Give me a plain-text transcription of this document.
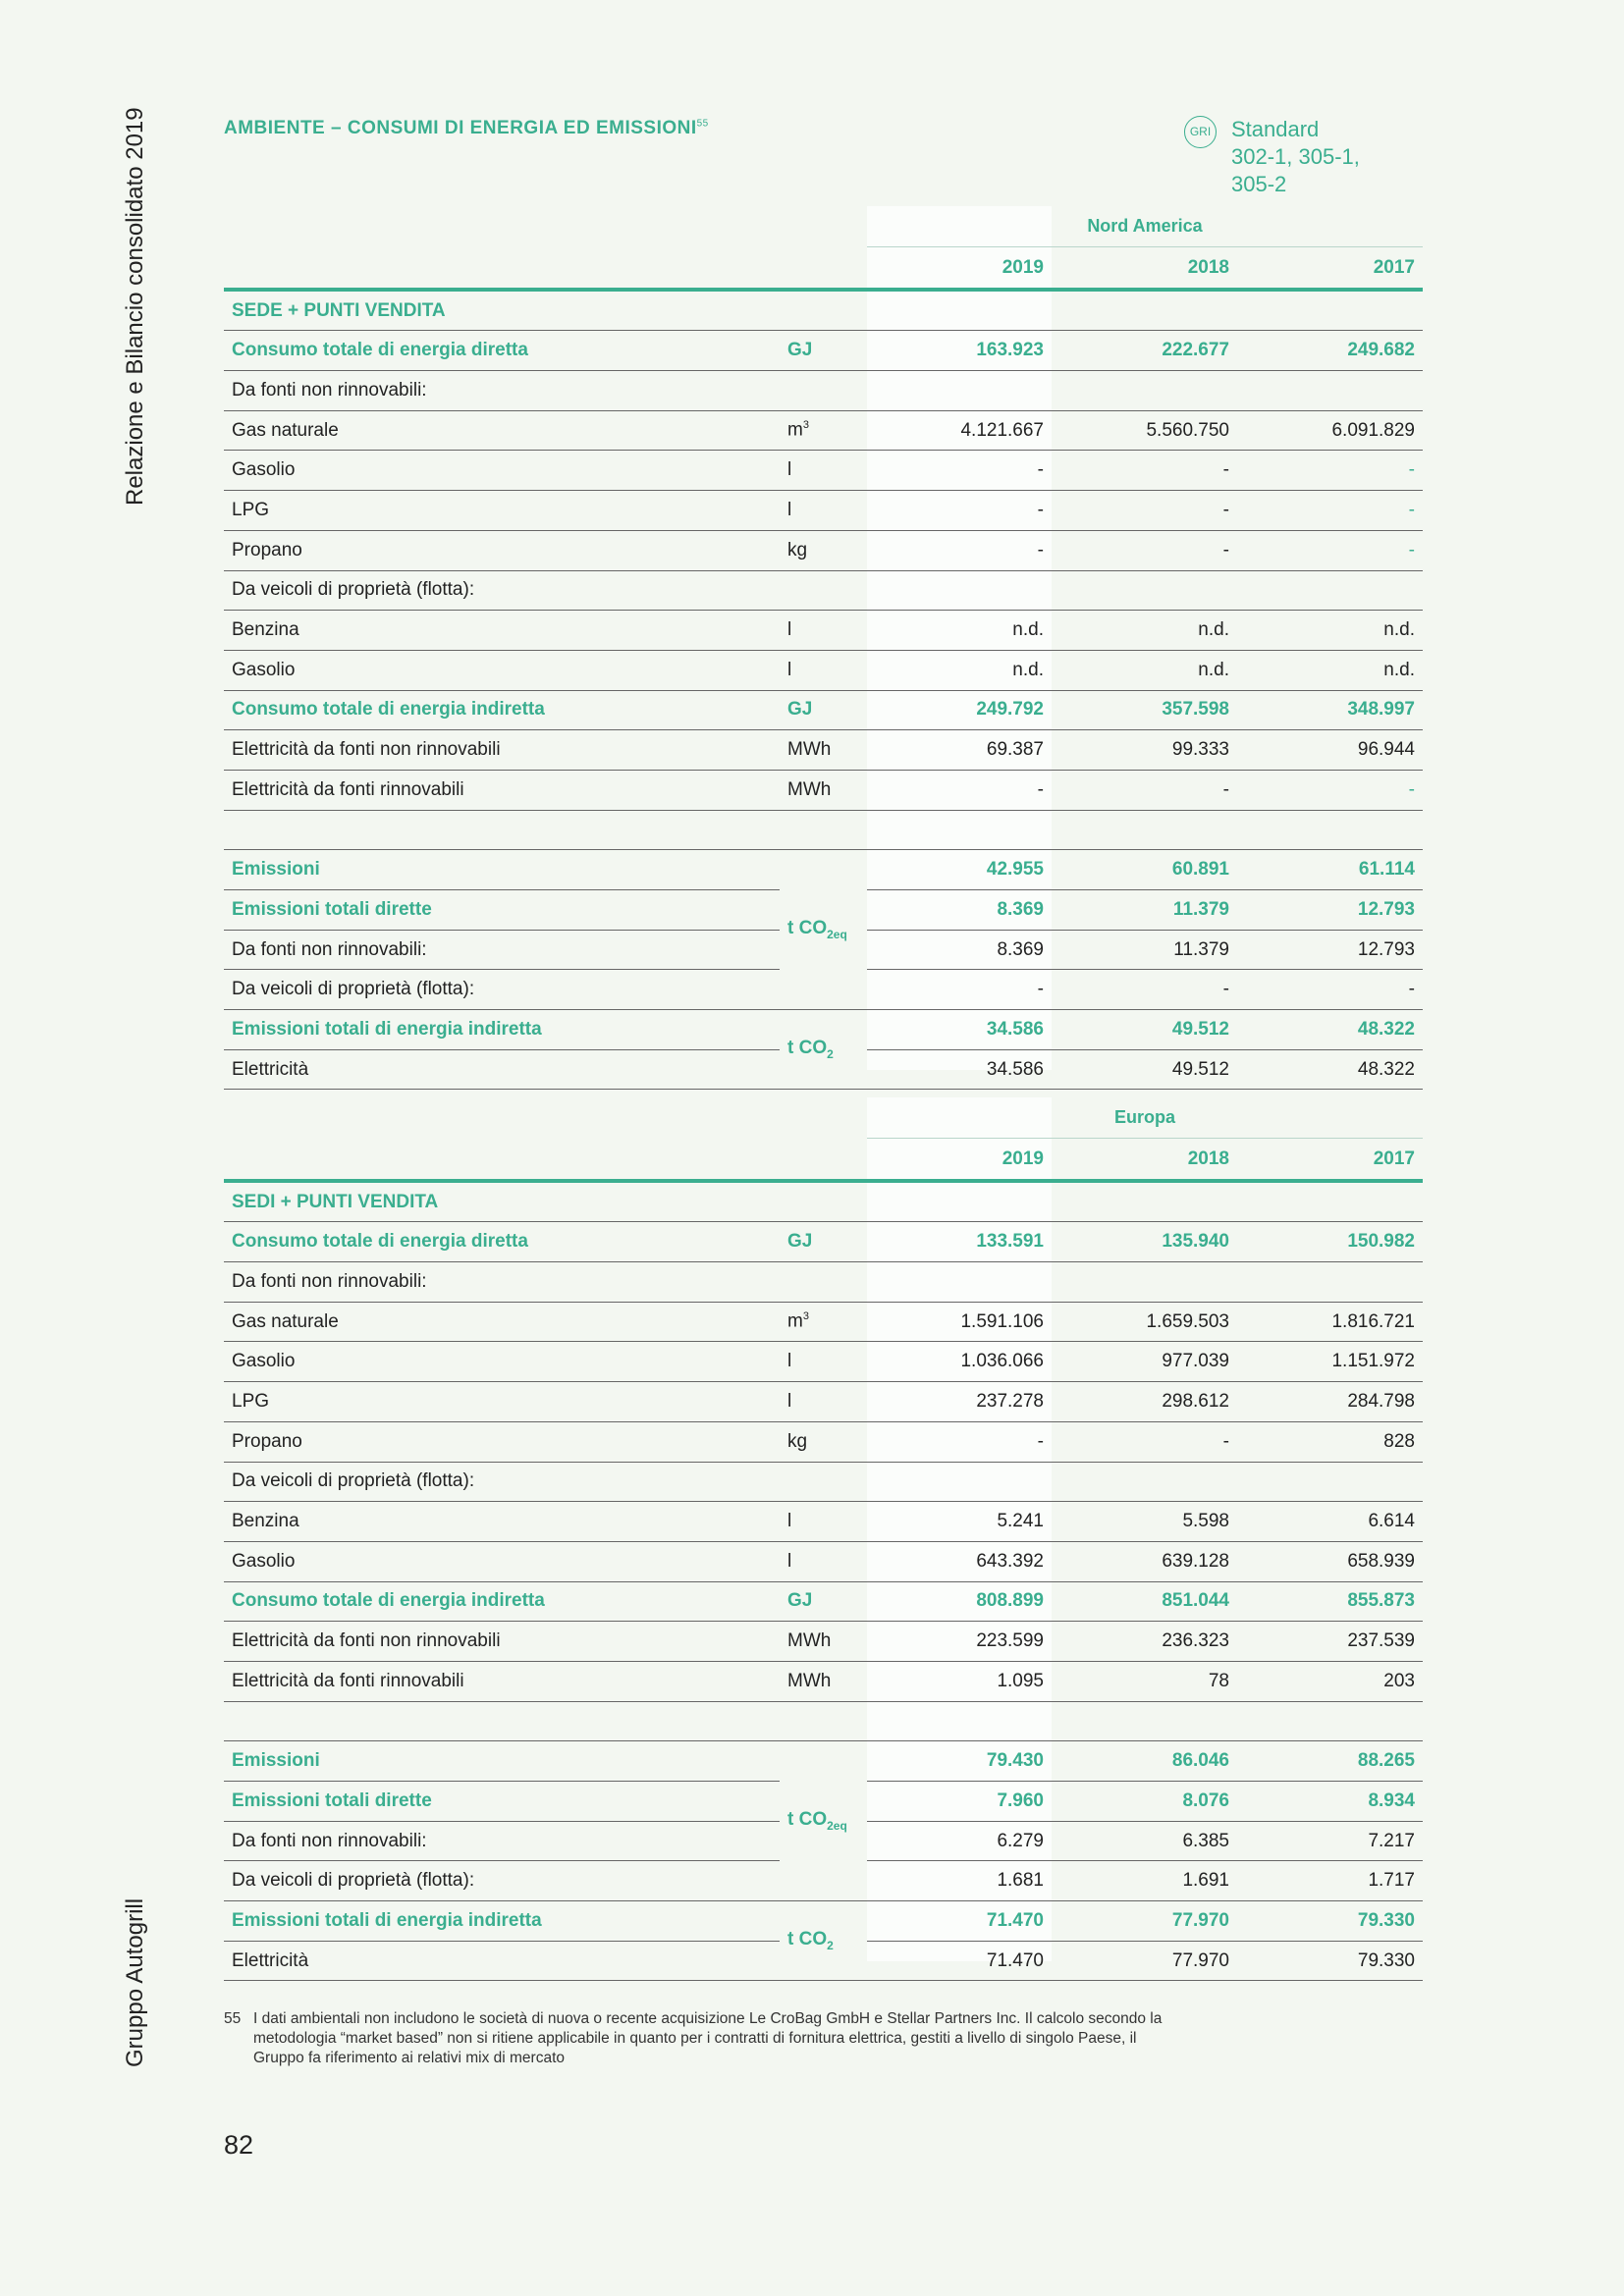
Relazione e Bilancio consolidato 2019
Gruppo Autogrill
AMBIENTE – CONSUMI DI ENERGIA ED EMISSIONI$^{55}$
GRI Standard
302-1, 305-1,
305-2
Nord America
		2019	2018	2017
SEDE + PUNTI VENDITA				
Consumo totale di energia diretta	GJ	163.923	222.677	249.682
Da fonti non rinnovabili:				
Gas naturale	$m^3$	4.121.667	5.560.750	6.091.829
Gasolio	l	-	-	-
LPG	l	-	-	-
Propano	kg	-	-	-
Da veicoli di proprietà (flotta):				
Benzina	l	n.d.	n.d.	n.d.
Gasolio	l	n.d.	n.d.	n.d.
Consumo totale di energia indiretta	GJ	249.792	357.598	348.997
Elettricità da fonti non rinnovabili	MWh	69.387	99.333	96.944
Elettricità da fonti rinnovabili	MWh	-	-	-

Emissioni	t $CO_{2eq}$	42.955	60.891	61.114
Emissioni totali dirette		8.369	11.379	12.793
Da fonti non rinnovabili:		8.369	11.379	12.793
Da veicoli di proprietà (flotta):		-	-	-
Emissioni totali di energia indiretta	t $CO_2$	34.586	49.512	48.322
Elettricità		34.586	49.512	48.322
Europa
		2019	2018	2017
SEDI + PUNTI VENDITA				
Consumo totale di energia diretta	GJ	133.591	135.940	150.982
Da fonti non rinnovabili:				
Gas naturale	$m^3$	1.591.106	1.659.503	1.816.721
Gasolio	l	1.036.066	977.039	1.151.972
LPG	l	237.278	298.612	284.798
Propano	kg	-	-	828
Da veicoli di proprietà (flotta):				
Benzina	l	5.241	5.598	6.614
Gasolio	l	643.392	639.128	658.939
Consumo totale di energia indiretta	GJ	808.899	851.044	855.873
Elettricità da fonti non rinnovabili	MWh	223.599	236.323	237.539
Elettricità da fonti rinnovabili	MWh	1.095	78	203

Emissioni	t $CO_{2eq}$	79.430	86.046	88.265
Emissioni totali dirette		7.960	8.076	8.934
Da fonti non rinnovabili:		6.279	6.385	7.217
Da veicoli di proprietà (flotta):		1.681	1.691	1.717
Emissioni totali di energia indiretta	t $CO_2$	71.470	77.970	79.330
Elettricità		71.470	77.970	79.330
55 I dati ambientali non includono le società di nuova o recente acquisizione Le CroBag GmbH e Stellar Partners Inc. Il calcolo secondo la metodologia “market based” non si ritiene applicabile in quanto per i contratti di fornitura elettrica, gestiti a livello di singolo Paese, il Gruppo fa riferimento ai relativi mix di mercato
82
